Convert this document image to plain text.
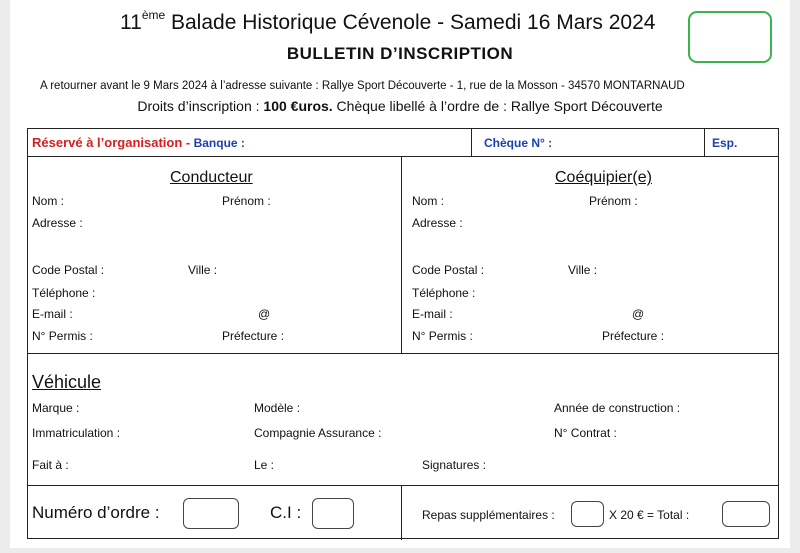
11ème Balade Historique Cévenole - Samedi 16 Mars 2024
BULLETIN D’INSCRIPTION
A retourner avant le 9 Mars 2024 à l’adresse suivante : Rallye Sport Découverte - 1, rue de la Mosson - 34570 MONTARNAUD
Droits d’inscription : 100 €uros. Chèque libellé à l’ordre de : Rallye Sport Découverte
Réservé à l’organisation - Banque :	Chèque N° :	Esp.
Conducteur
Nom :	Prénom :
Adresse :
Code Postal :	Ville :
Téléphone :
E-mail :	@
N° Permis :	Préfecture :
Coéquipier(e)
Nom :	Prénom :
Adresse :
Code Postal :	Ville :
Téléphone :
E-mail :	@
N° Permis :	Préfecture :
Véhicule
Marque :	Modèle :	Année de construction :
Immatriculation :	Compagnie Assurance :	N° Contrat :
Fait à :	Le :	Signatures :
Numéro d’ordre :	C.I :	Repas supplémentaires :	X 20 € = Total :
